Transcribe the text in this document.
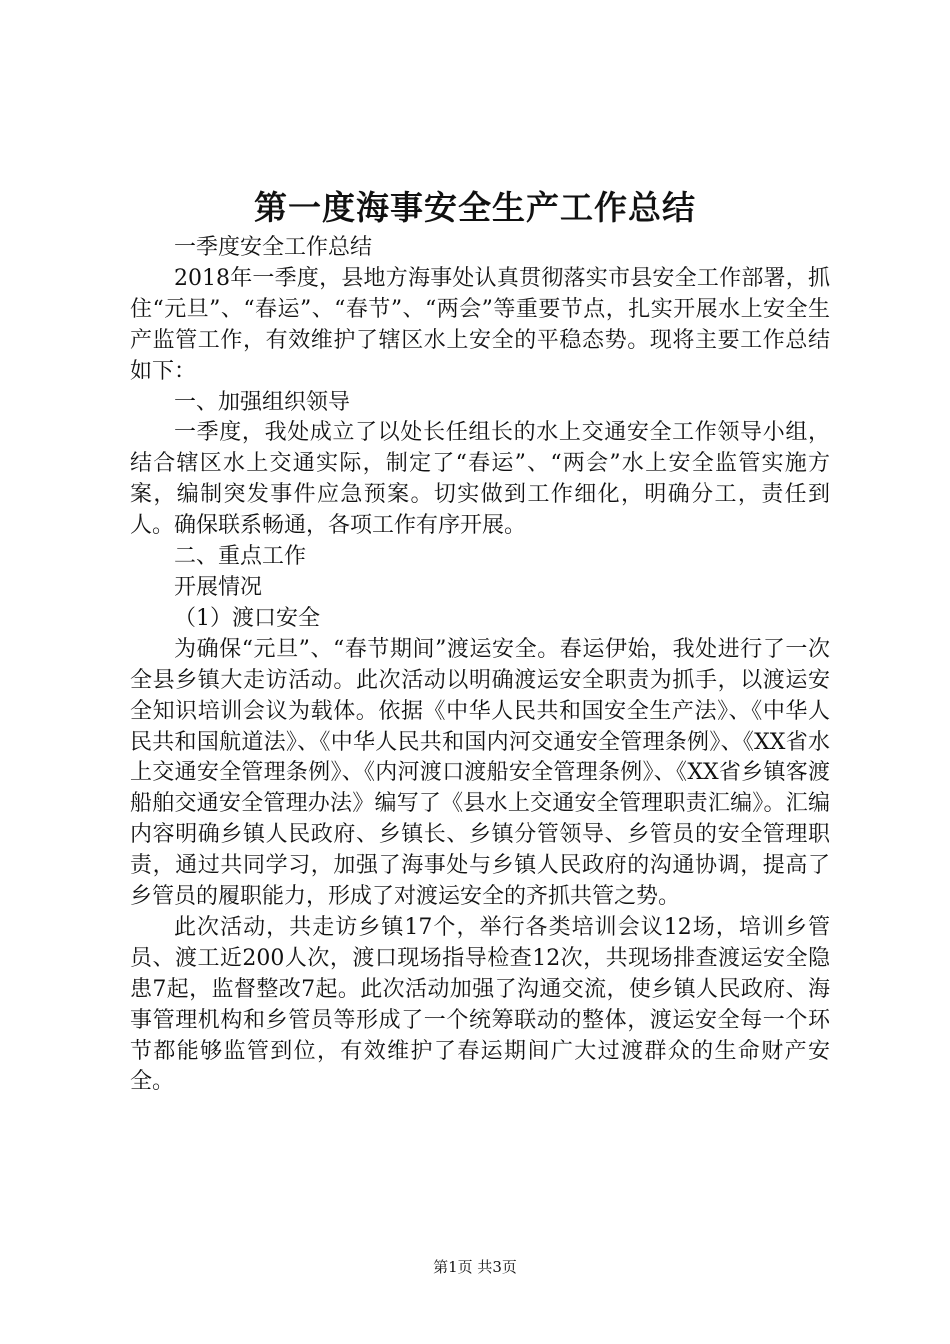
第一度海事安全生产工作总结

一季度安全工作总结

2018年一季度，县地方海事处认真贯彻落实市县安全工作部署，抓住“元旦”、“春运”、“春节”、“两会”等重要节点，扎实开展水上安全生产监管工作，有效维护了辖区水上安全的平稳态势。现将主要工作总结如下：

一、加强组织领导

一季度，我处成立了以处长任组长的水上交通安全工作领导小组，结合辖区水上交通实际，制定了“春运”、“两会”水上安全监管实施方案，编制突发事件应急预案。切实做到工作细化，明确分工，责任到人。确保联系畅通，各项工作有序开展。

二、重点工作

开展情况

（1）渡口安全

为确保“元旦”、“春节期间”渡运安全。春运伊始，我处进行了一次全县乡镇大走访活动。此次活动以明确渡运安全职责为抓手，以渡运安全知识培训会议为载体。依据《中华人民共和国安全生产法》、《中华人民共和国航道法》、《中华人民共和国内河交通安全管理条例》、《XX省水上交通安全管理条例》、《内河渡口渡船安全管理条例》、《XX省乡镇客渡船舶交通安全管理办法》编写了《县水上交通安全管理职责汇编》。汇编内容明确乡镇人民政府、乡镇长、乡镇分管领导、乡管员的安全管理职责，通过共同学习，加强了海事处与乡镇人民政府的沟通协调，提高了乡管员的履职能力，形成了对渡运安全的齐抓共管之势。

此次活动，共走访乡镇17个，举行各类培训会议12场，培训乡管员、渡工近200人次，渡口现场指导检查12次，共现场排查渡运安全隐患7起，监督整改7起。此次活动加强了沟通交流，使乡镇人民政府、海事管理机构和乡管员等形成了一个统筹联动的整体，渡运安全每一个环节都能够监管到位，有效维护了春运期间广大过渡群众的生命财产安全。

第1页 共3页
